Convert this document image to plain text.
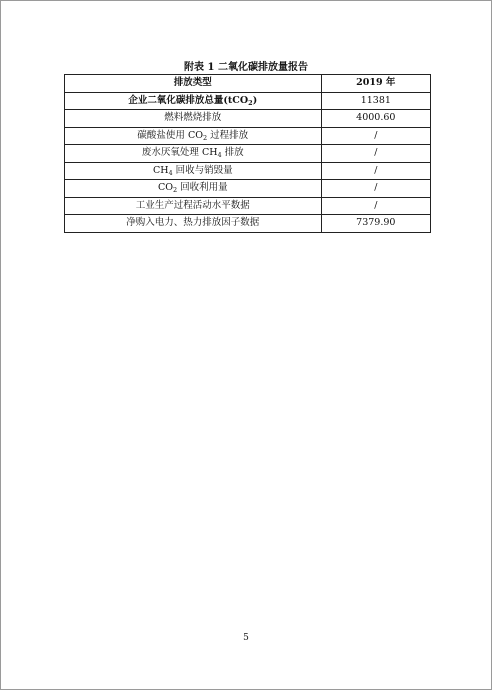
附表 1 二氧化碳排放量报告
排放类型	2019 年
企业二氧化碳排放总量(tCO$_2$)	11381
燃料燃烧排放	4000.60
碳酸盐使用 $CO_2$ 过程排放	/
废水厌氧处理 $CH_4$ 排放	/
$CH_4$ 回收与销毁量	/
$CO_2$ 回收利用量	/
工业生产过程活动水平数据	/
净购入电力、热力排放因子数据	7379.90
5
